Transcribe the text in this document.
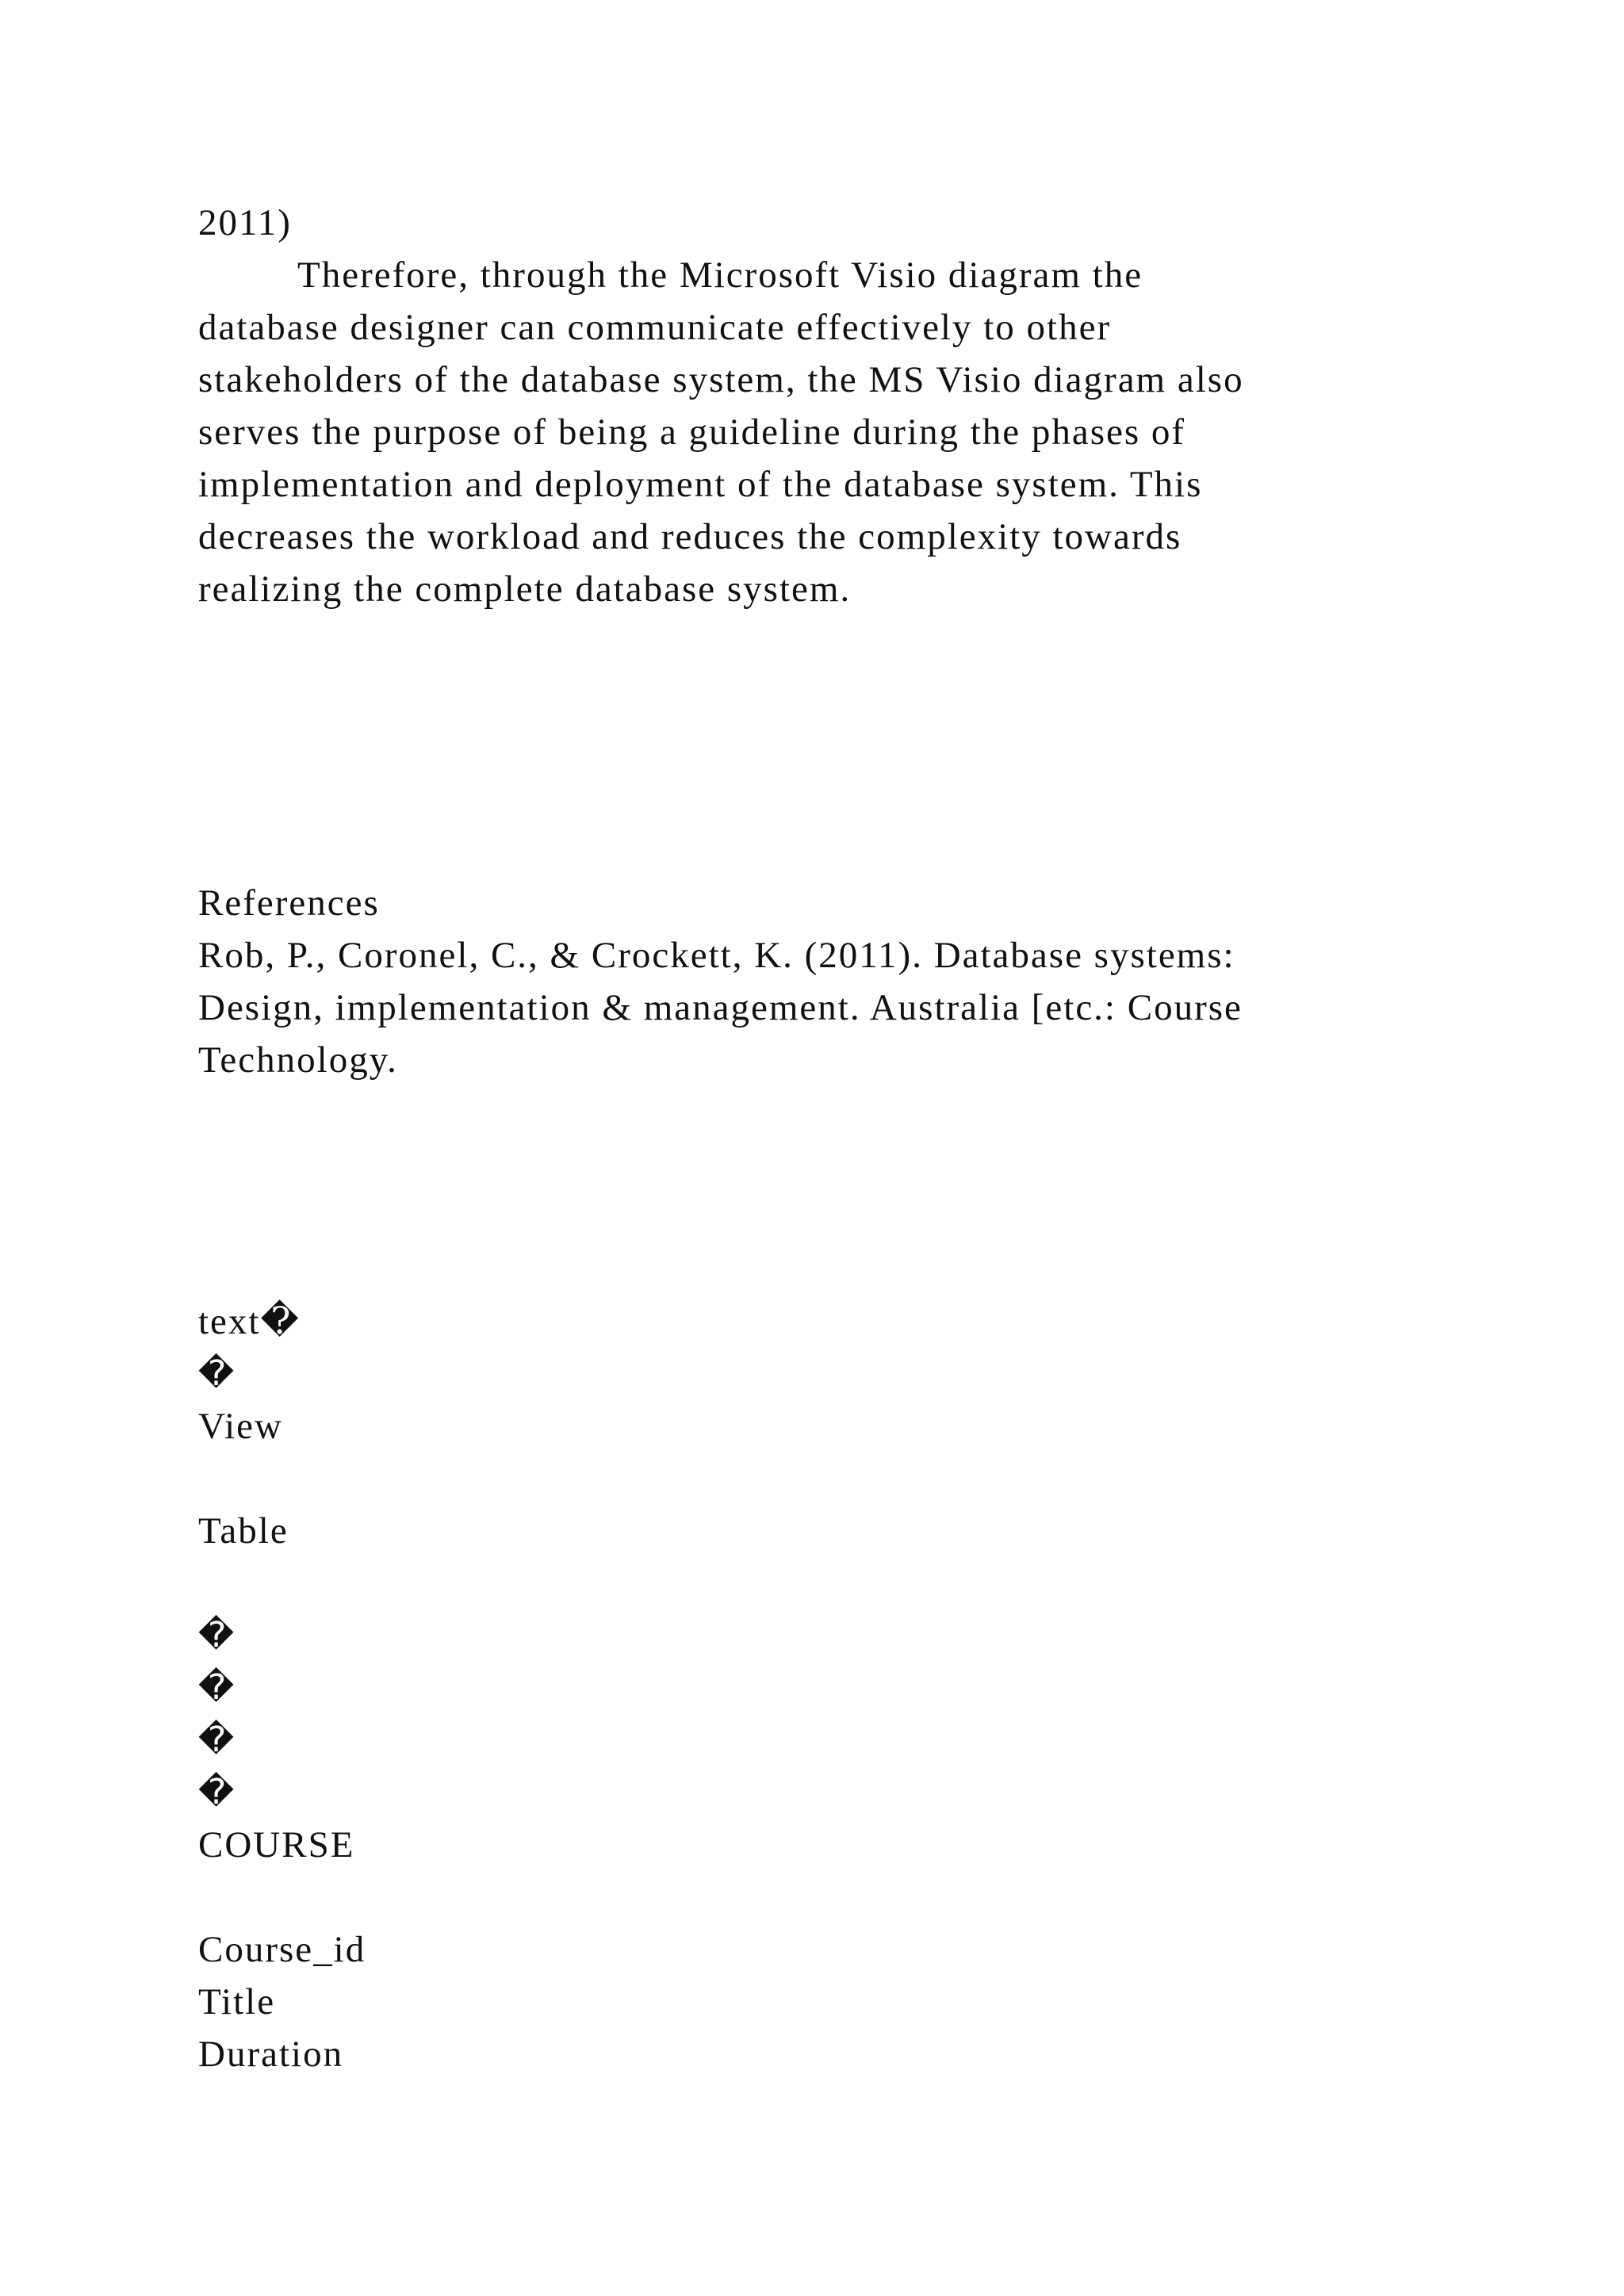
2011)
Therefore, through the Microsoft Visio diagram the
database designer can communicate effectively to other
stakeholders of the database system, the MS Visio diagram also
serves the purpose of being a guideline during the phases of
implementation and deployment of the database system. This
decreases the workload and reduces the complexity towards
realizing the complete database system.
References
Rob, P., Coronel, C., & Crockett, K. (2011). Database systems:
Design, implementation & management. Australia [etc.: Course
Technology.
text�
�
View
Table
�
�
�
�
COURSE
Course_id
Title
Duration
